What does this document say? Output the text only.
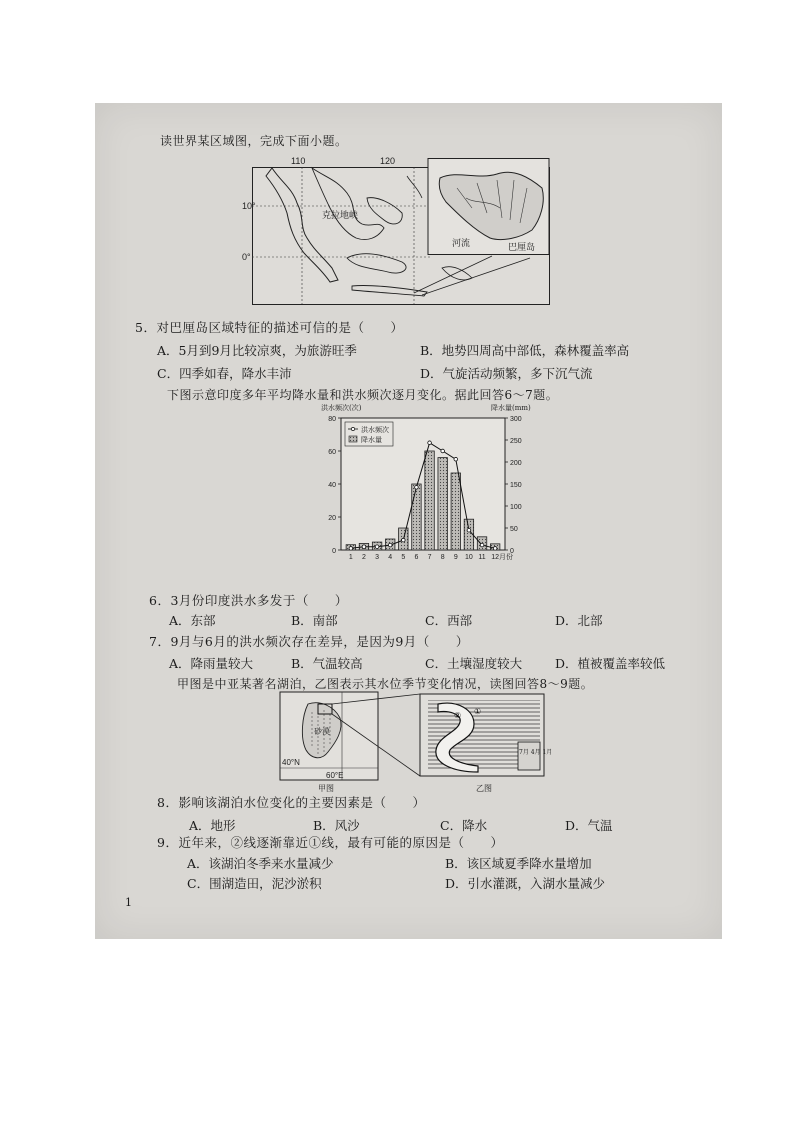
读世界某区域图，完成下面小题。
120
110
10°
0°
克拉地峡
河流	巴厘岛
5．对巴厘岛区域特征的描述可信的是（　　）
A．5月到9月比较凉爽，为旅游旺季	B．地势四周高中部低，森林覆盖率高
C．四季如春，降水丰沛	D．气旋活动频繁，多下沉气流
下图示意印度多年平均降水量和洪水频次逐月变化。据此回答6～7题。
0
20
40
60
80
0
50
100
150
200
250
300
洪水频次(次)	降水量(mm)
1 2 3 4 5 6 7 8 9 10 11 12 月份
洪水频次
降水量
6．3月份印度洪水多发于（　　）
A．东部	B．南部	C．西部	D．北部
7．9月与6月的洪水频次存在差异，是因为9月（　　）
A．降雨量较大	B．气温较高	C．土壤湿度较大	D．植被覆盖率较低
甲图是中亚某著名湖泊，乙图表示其水位季节变化情况，读图回答8～9题。
砂漠
40°N
60°E
甲图
② ①
7月 4月 1月
乙图
8．影响该湖泊水位变化的主要因素是（　　）
A．地形	B．风沙	C．降水	D．气温
9．近年来，②线逐渐靠近①线，最有可能的原因是（　　）
A．该湖泊冬季来水量减少	B．该区域夏季降水量增加
C．围湖造田，泥沙淤积	D．引水灌溉，入湖水量减少
1
